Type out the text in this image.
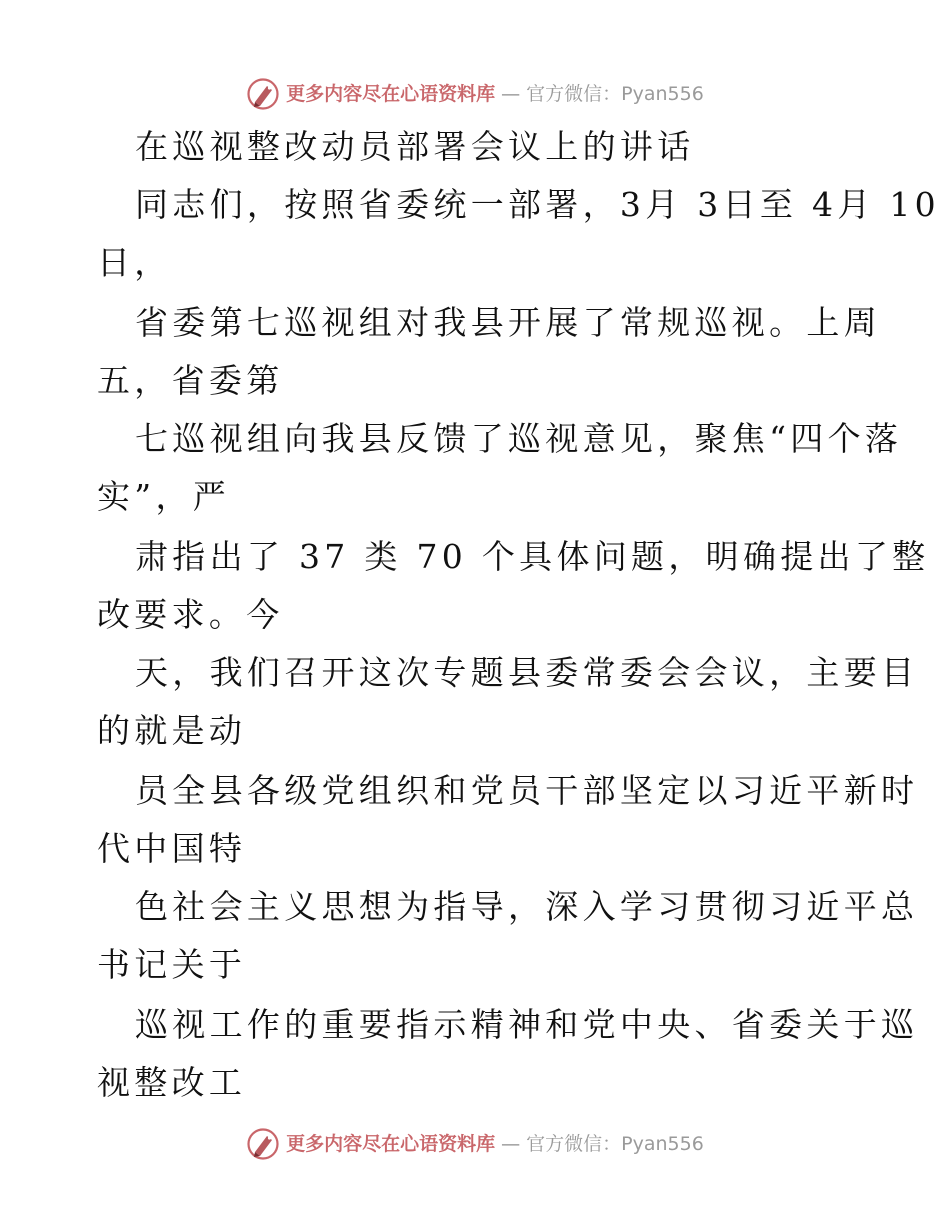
更多内容尽在心语资料库 — 官方微信：Pyan556
在巡视整改动员部署会议上的讲话
同志们，按照省委统一部署，3月 3日至 4月 10
日，
省委第七巡视组对我县开展了常规巡视。上周
五，省委第
七巡视组向我县反馈了巡视意见，聚焦“四个落
实”，严
肃指出了 37 类 70 个具体问题，明确提出了整
改要求。今
天，我们召开这次专题县委常委会会议，主要目
的就是动
员全县各级党组织和党员干部坚定以习近平新时
代中国特
色社会主义思想为指导，深入学习贯彻习近平总
书记关于
巡视工作的重要指示精神和党中央、省委关于巡
视整改工
更多内容尽在心语资料库 — 官方微信：Pyan556
